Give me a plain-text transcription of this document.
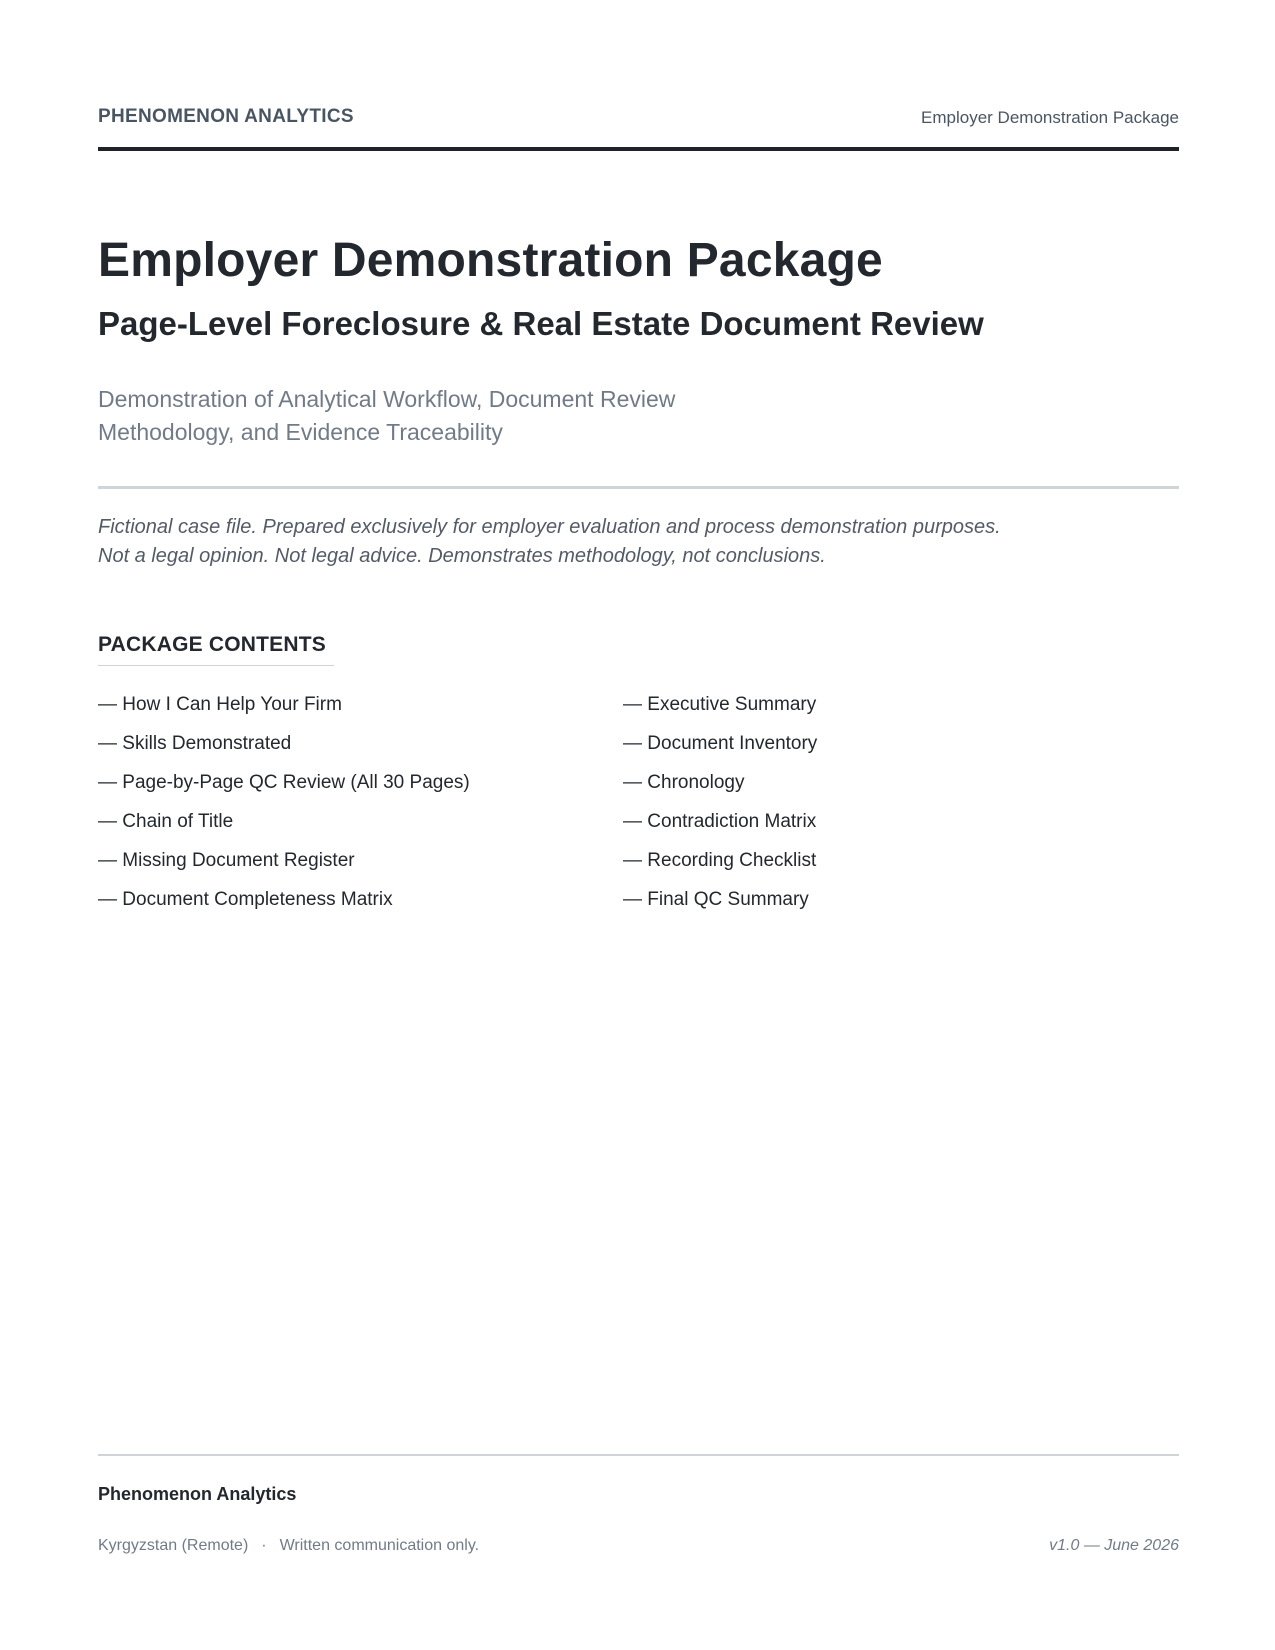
PHENOMENON ANALYTICS	Employer Demonstration Package
Employer Demonstration Package
Page-Level Foreclosure & Real Estate Document Review
Demonstration of Analytical Workflow, Document Review
Methodology, and Evidence Traceability
Fictional case file. Prepared exclusively for employer evaluation and process demonstration purposes.
Not a legal opinion. Not legal advice. Demonstrates methodology, not conclusions.
PACKAGE CONTENTS
— How I Can Help Your Firm
— Skills Demonstrated
— Page-by-Page QC Review (All 30 Pages)
— Chain of Title
— Missing Document Register
— Document Completeness Matrix
— Executive Summary
— Document Inventory
— Chronology
— Contradiction Matrix
— Recording Checklist
— Final QC Summary
Phenomenon Analytics
Kyrgyzstan (Remote) · Written communication only.	v1.0 — June 2026
